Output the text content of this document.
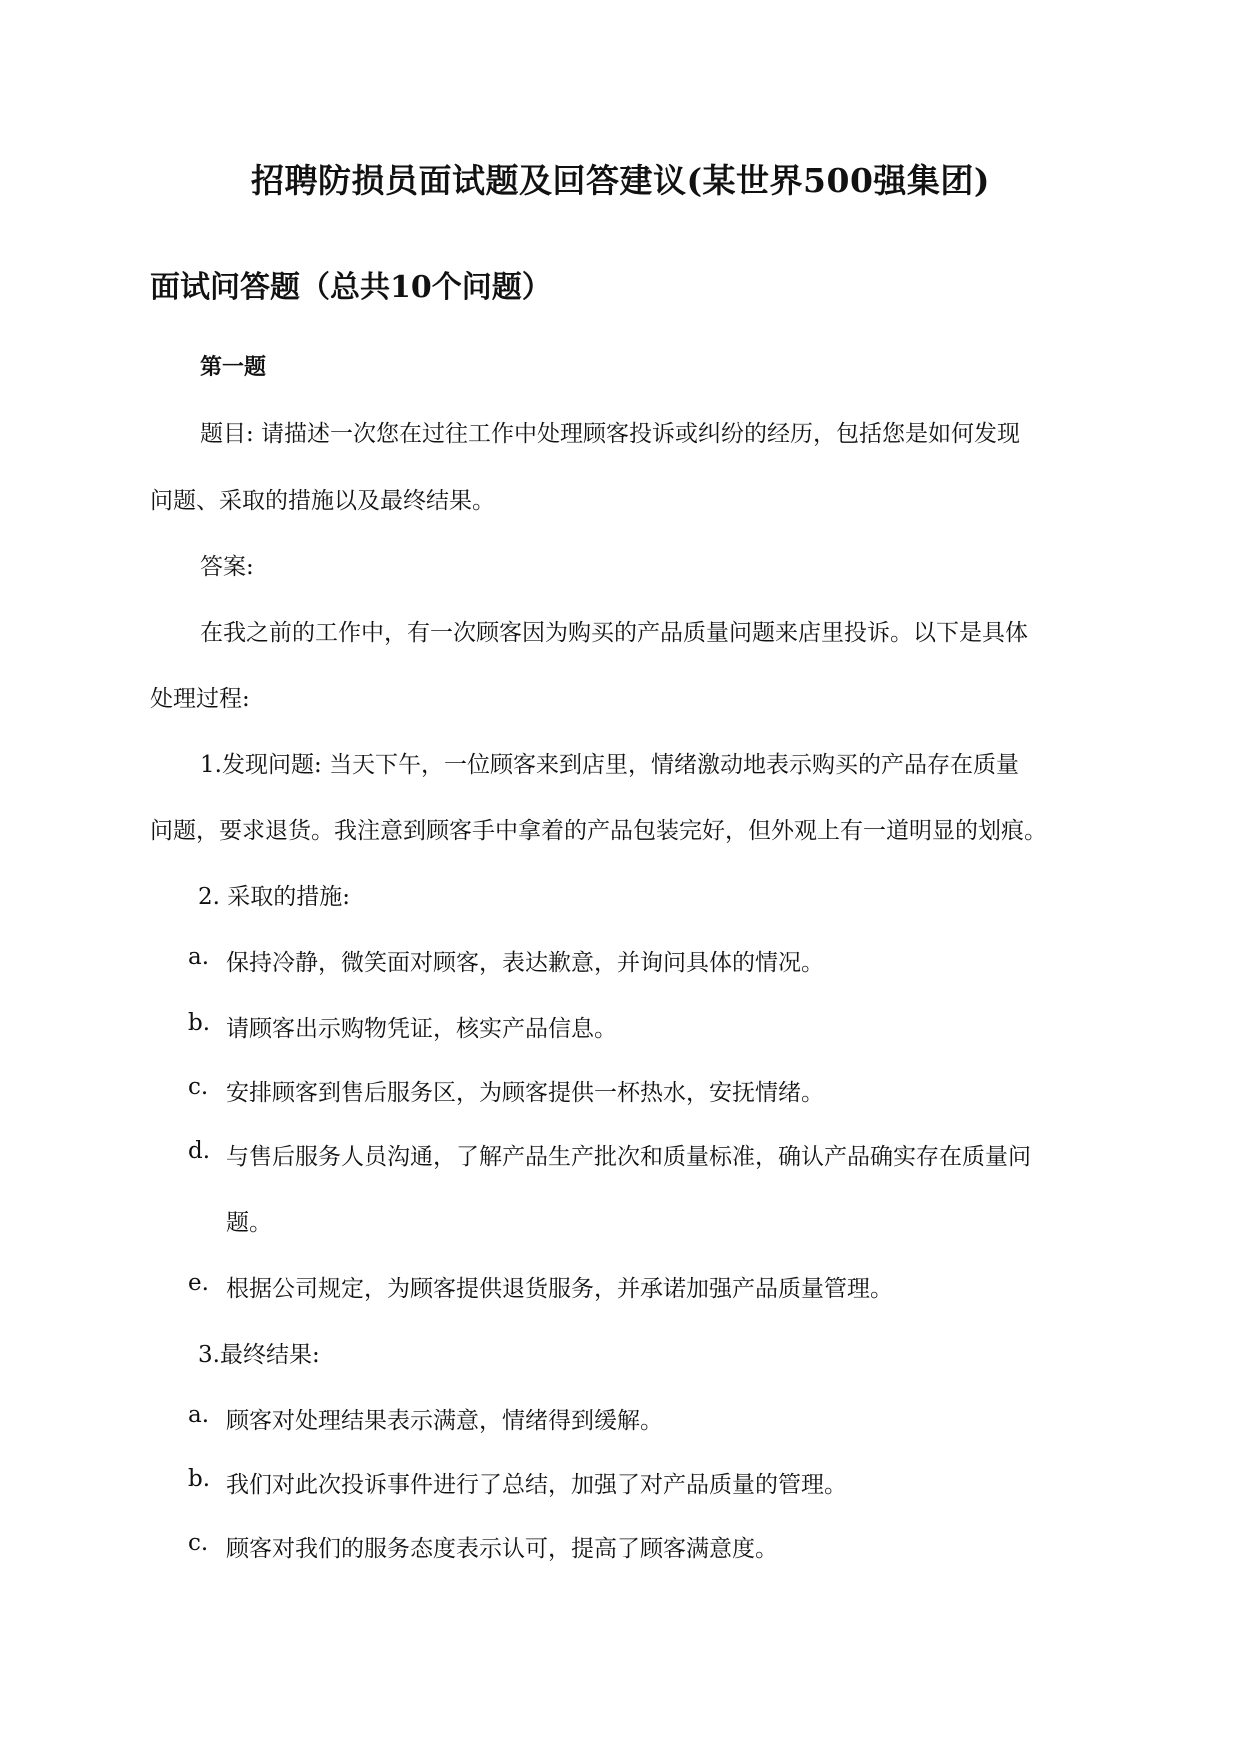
招聘防损员面试题及回答建议(某世界500强集团)
面试问答题（总共10个问题）
第一题
题目: 请描述一次您在过往工作中处理顾客投诉或纠纷的经历，包括您是如何发现
问题、采取的措施以及最终结果。
答案:
在我之前的工作中，有一次顾客因为购买的产品质量问题来店里投诉。以下是具体
处理过程:
1.发现问题: 当天下午，一位顾客来到店里，情绪激动地表示购买的产品存在质量
问题，要求退货。我注意到顾客手中拿着的产品包装完好，但外观上有一道明显的划痕。
2. 采取的措施:
a. 保持冷静，微笑面对顾客，表达歉意，并询问具体的情况。
b. 请顾客出示购物凭证，核实产品信息。
c. 安排顾客到售后服务区，为顾客提供一杯热水，安抚情绪。
d. 与售后服务人员沟通，了解产品生产批次和质量标准，确认产品确实存在质量问
题。
e. 根据公司规定，为顾客提供退货服务，并承诺加强产品质量管理。
3.最终结果:
a. 顾客对处理结果表示满意，情绪得到缓解。
b. 我们对此次投诉事件进行了总结，加强了对产品质量的管理。
c. 顾客对我们的服务态度表示认可，提高了顾客满意度。
